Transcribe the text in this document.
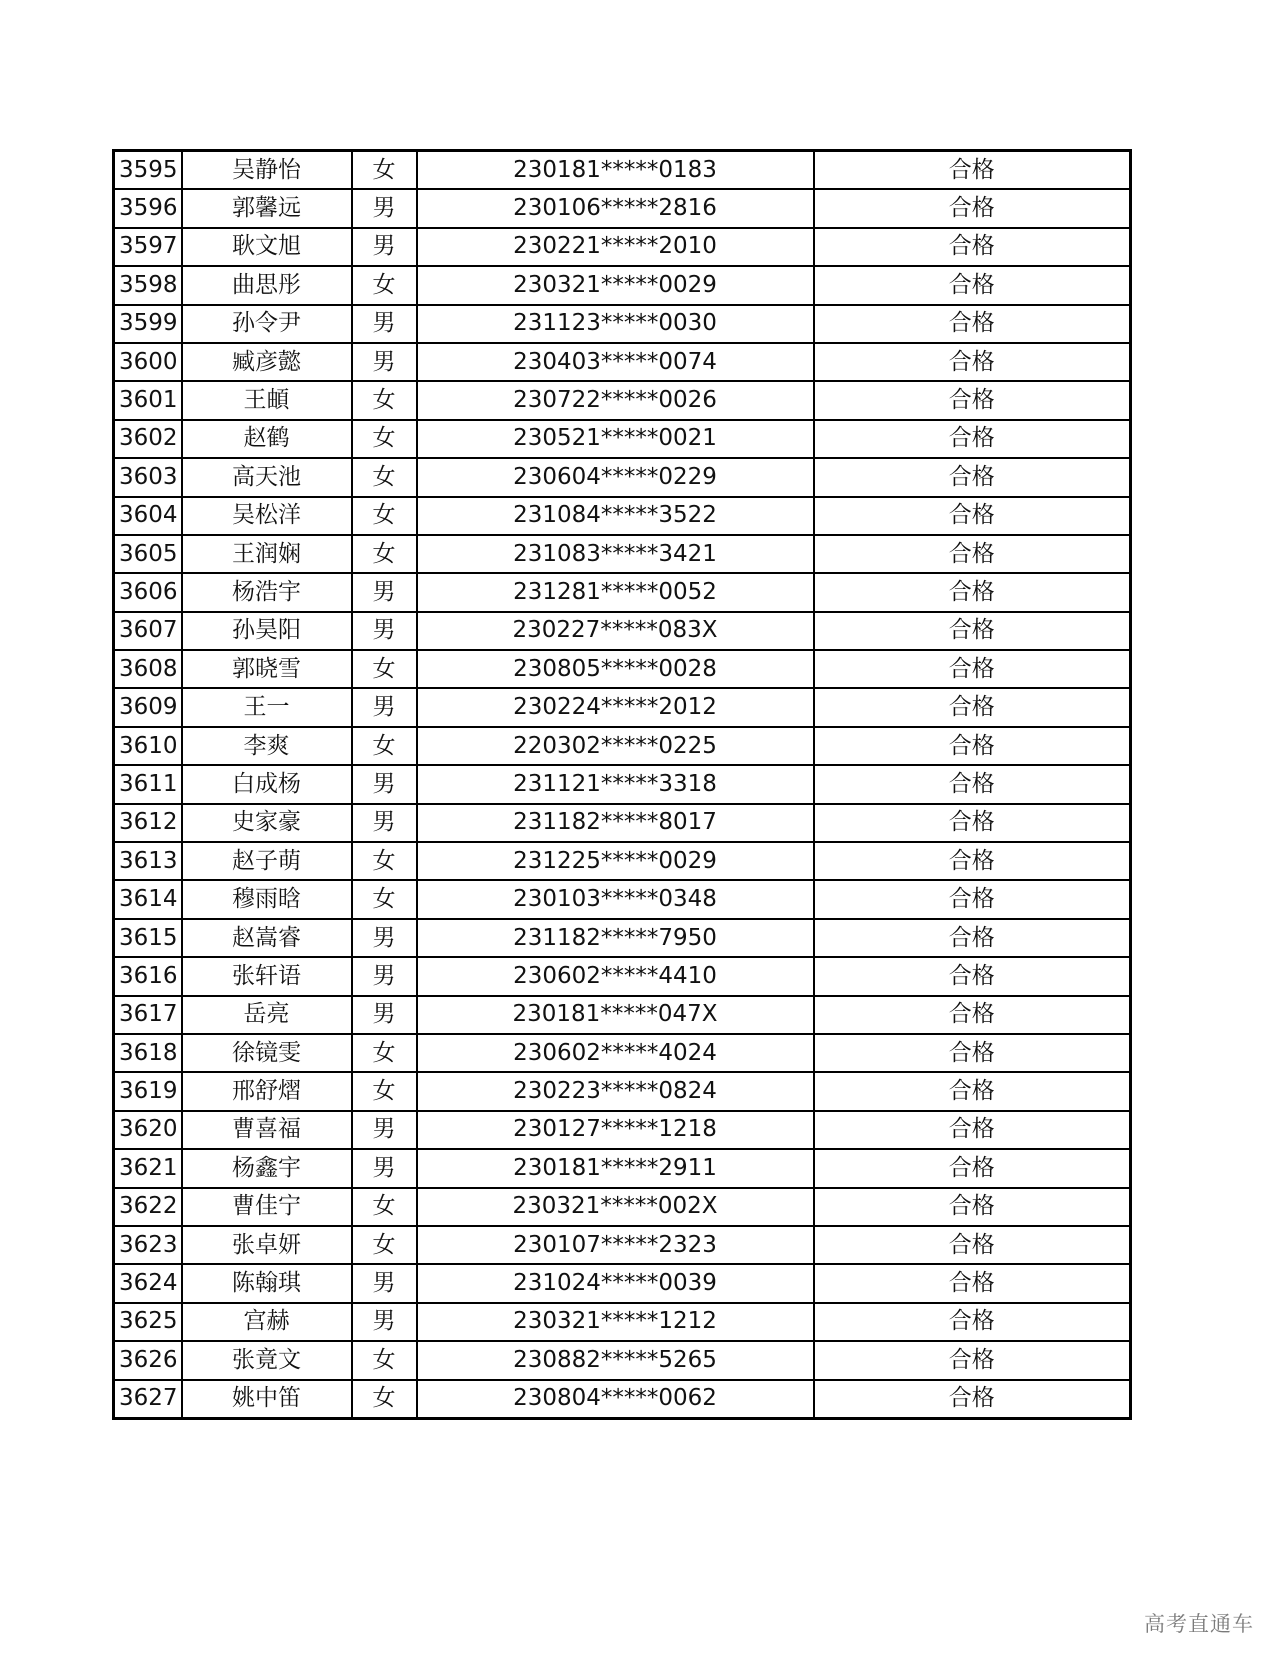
3595	吴静怡	女	230181*****0183	合格
3596	郭馨远	男	230106*****2816	合格
3597	耿文旭	男	230221*****2010	合格
3598	曲思彤	女	230321*****0029	合格
3599	孙令尹	男	231123*****0030	合格
3600	臧彦懿	男	230403*****0074	合格
3601	王頔	女	230722*****0026	合格
3602	赵鹤	女	230521*****0021	合格
3603	高天池	女	230604*****0229	合格
3604	吴松洋	女	231084*****3522	合格
3605	王润娴	女	231083*****3421	合格
3606	杨浩宇	男	231281*****0052	合格
3607	孙昊阳	男	230227*****083X	合格
3608	郭晓雪	女	230805*****0028	合格
3609	王一	男	230224*****2012	合格
3610	李爽	女	220302*****0225	合格
3611	白成杨	男	231121*****3318	合格
3612	史家豪	男	231182*****8017	合格
3613	赵子萌	女	231225*****0029	合格
3614	穆雨晗	女	230103*****0348	合格
3615	赵嵩睿	男	231182*****7950	合格
3616	张轩语	男	230602*****4410	合格
3617	岳亮	男	230181*****047X	合格
3618	徐镜雯	女	230602*****4024	合格
3619	邢舒熠	女	230223*****0824	合格
3620	曹喜福	男	230127*****1218	合格
3621	杨鑫宇	男	230181*****2911	合格
3622	曹佳宁	女	230321*****002X	合格
3623	张卓妍	女	230107*****2323	合格
3624	陈翰琪	男	231024*****0039	合格
3625	宫赫	男	230321*****1212	合格
3626	张竟文	女	230882*****5265	合格
3627	姚中笛	女	230804*****0062	合格
高考直通车
